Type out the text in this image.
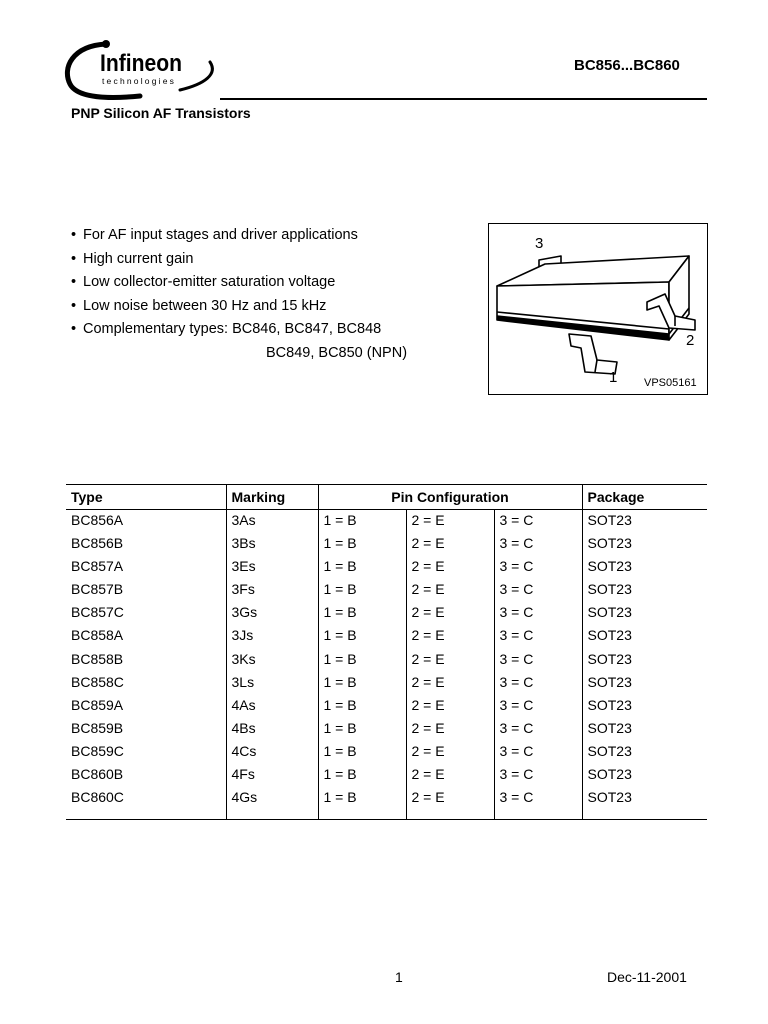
Infineon
technologies
BC856...BC860
PNP Silicon AF Transistors
• For AF input stages and driver applications
• High current gain
• Low collector-emitter saturation voltage
• Low noise between 30 Hz and 15 kHz
• Complementary types: BC846, BC847, BC848
BC849, BC850 (NPN)
3
2
1 VPS05161
Type	Marking	Pin Configuration			Package
BC856A	3As	1 = B	2 = E	3 = C	SOT23
BC856B	3Bs	1 = B	2 = E	3 = C	SOT23
BC857A	3Es	1 = B	2 = E	3 = C	SOT23
BC857B	3Fs	1 = B	2 = E	3 = C	SOT23
BC857C	3Gs	1 = B	2 = E	3 = C	SOT23
BC858A	3Js	1 = B	2 = E	3 = C	SOT23
BC858B	3Ks	1 = B	2 = E	3 = C	SOT23
BC858C	3Ls	1 = B	2 = E	3 = C	SOT23
BC859A	4As	1 = B	2 = E	3 = C	SOT23
BC859B	4Bs	1 = B	2 = E	3 = C	SOT23
BC859C	4Cs	1 = B	2 = E	3 = C	SOT23
BC860B	4Fs	1 = B	2 = E	3 = C	SOT23
BC860C	4Gs	1 = B	2 = E	3 = C	SOT23
1	Dec-11-2001
